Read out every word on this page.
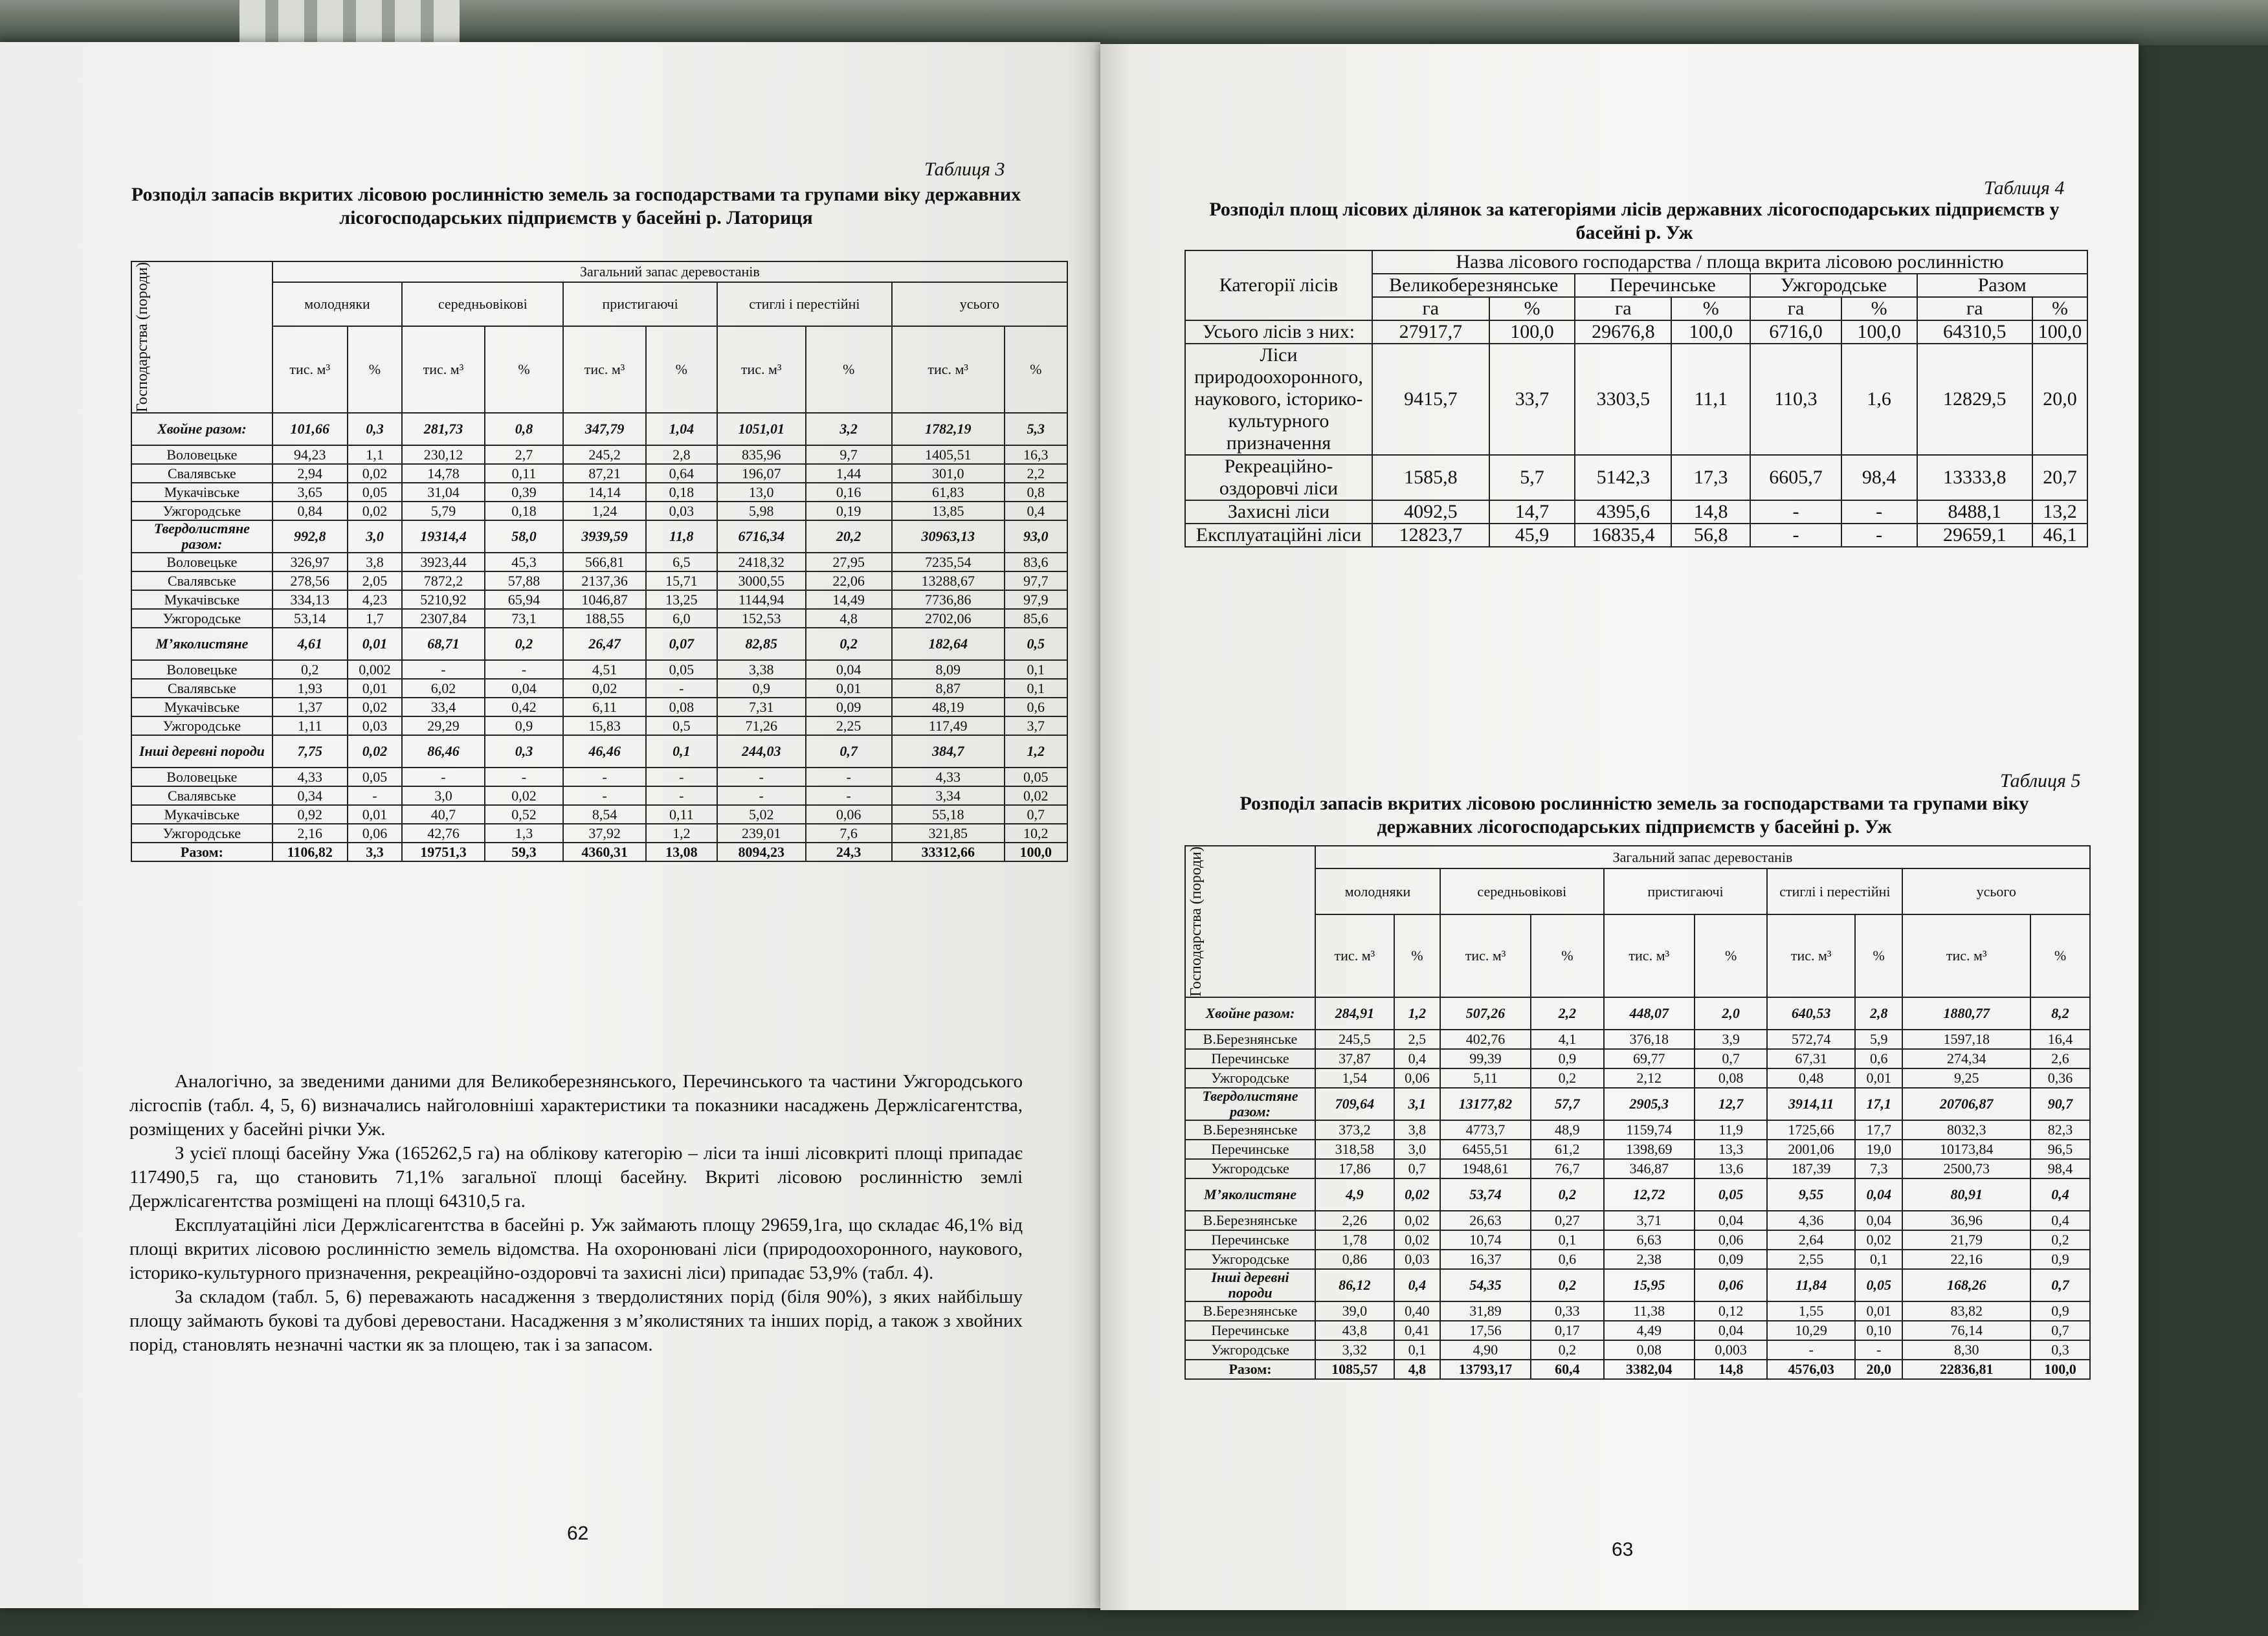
Таблиця 3
Розподіл запасів вкритих лісовою рослинністю земель за господарствами та групами віку державних лісогосподарських підприємств у басейні р. Латориця
Господарства (породи)	Загальний запас деревостанів									
	молодняки		середньовікові		пристигаючі		стиглі і перестійні		усього	
	тис. м³	%	тис. м³	%	тис. м³	%	тис. м³	%	тис. м³	%
Хвойне разом:	101,66	0,3	281,73	0,8	347,79	1,04	1051,01	3,2	1782,19	5,3
Воловецьке	94,23	1,1	230,12	2,7	245,2	2,8	835,96	9,7	1405,51	16,3
Свалявське	2,94	0,02	14,78	0,11	87,21	0,64	196,07	1,44	301,0	2,2
Мукачівське	3,65	0,05	31,04	0,39	14,14	0,18	13,0	0,16	61,83	0,8
Ужгородське	0,84	0,02	5,79	0,18	1,24	0,03	5,98	0,19	13,85	0,4
Твердолистяне разом:	992,8	3,0	19314,4	58,0	3939,59	11,8	6716,34	20,2	30963,13	93,0
Воловецьке	326,97	3,8	3923,44	45,3	566,81	6,5	2418,32	27,95	7235,54	83,6
Свалявське	278,56	2,05	7872,2	57,88	2137,36	15,71	3000,55	22,06	13288,67	97,7
Мукачівське	334,13	4,23	5210,92	65,94	1046,87	13,25	1144,94	14,49	7736,86	97,9
Ужгородське	53,14	1,7	2307,84	73,1	188,55	6,0	152,53	4,8	2702,06	85,6
М’яколистяне	4,61	0,01	68,71	0,2	26,47	0,07	82,85	0,2	182,64	0,5
Воловецьке	0,2	0,002	-	-	4,51	0,05	3,38	0,04	8,09	0,1
Свалявське	1,93	0,01	6,02	0,04	0,02	-	0,9	0,01	8,87	0,1
Мукачівське	1,37	0,02	33,4	0,42	6,11	0,08	7,31	0,09	48,19	0,6
Ужгородське	1,11	0,03	29,29	0,9	15,83	0,5	71,26	2,25	117,49	3,7
Інші деревні породи	7,75	0,02	86,46	0,3	46,46	0,1	244,03	0,7	384,7	1,2
Воловецьке	4,33	0,05	-	-	-	-	-	-	4,33	0,05
Свалявське	0,34	-	3,0	0,02	-	-	-	-	3,34	0,02
Мукачівське	0,92	0,01	40,7	0,52	8,54	0,11	5,02	0,06	55,18	0,7
Ужгородське	2,16	0,06	42,76	1,3	37,92	1,2	239,01	7,6	321,85	10,2
Разом:	1106,82	3,3	19751,3	59,3	4360,31	13,08	8094,23	24,3	33312,66	100,0

Аналогічно, за зведеними даними для Великоберезнянського, Перечинського та частини Ужгородського лісгоспів (табл. 4, 5, 6) визначались найголовніші характеристики та показники насаджень Держлісагентства, розміщених у басейні річки Уж.

З усієї площі басейну Ужа (165262,5 га) на облікову категорію – ліси та інші лісовкриті площі припадає 117490,5 га, що становить 71,1% загальної площі басейну. Вкриті лісовою рослинністю землі Держлісагентства розміщені на площі 64310,5 га.

Експлуатаційні ліси Держлісагентства в басейні р. Уж займають площу 29659,1га, що складає 46,1% від площі вкритих лісовою рослинністю земель відомства. На охоронювані ліси (природоохоронного, наукового, історико-культурного призначення, рекреаційно-оздоровчі та захисні ліси) припадає 53,9% (табл. 4).

За складом (табл. 5, 6) переважають насадження з твердолистяних порід (біля 90%), з яких найбільшу площу займають букові та дубові деревостани. Насадження з м’яколистяних та інших порід, а також з хвойних порід, становлять незначні частки як за площею, так і за запасом.

62
Таблиця 4
Розподіл площ лісових ділянок за категоріями лісів державних лісогосподарських підприємств у басейні р. Уж
Категорії лісів	Назва лісового господарства / площа вкрита лісовою рослинністю							
	Великоберезнянське		Перечинське		Ужгородське		Разом	
	га	%	га	%	га	%	га	%
Усього лісів з них:	27917,7	100,0	29676,8	100,0	6716,0	100,0	64310,5	100,0
Ліси природоохоронного, наукового, історико-культурного призначення	9415,7	33,7	3303,5	11,1	110,3	1,6	12829,5	20,0
Рекреаційно-оздоровчі ліси	1585,8	5,7	5142,3	17,3	6605,7	98,4	13333,8	20,7
Захисні ліси	4092,5	14,7	4395,6	14,8	-	-	8488,1	13,2
Експлуатаційні ліси	12823,7	45,9	16835,4	56,8	-	-	29659,1	46,1
Таблиця 5
Розподіл запасів вкритих лісовою рослинністю земель за господарствами та групами віку державних лісогосподарських підприємств у басейні р. Уж
Господарства (породи)	Загальний запас деревостанів									
	молодняки		середньовікові		пристигаючі		стиглі і перестійні		усього	
	тис. м³	%	тис. м³	%	тис. м³	%	тис. м³	%	тис. м³	%
Хвойне разом:	284,91	1,2	507,26	2,2	448,07	2,0	640,53	2,8	1880,77	8,2
В.Березнянське	245,5	2,5	402,76	4,1	376,18	3,9	572,74	5,9	1597,18	16,4
Перечинське	37,87	0,4	99,39	0,9	69,77	0,7	67,31	0,6	274,34	2,6
Ужгородське	1,54	0,06	5,11	0,2	2,12	0,08	0,48	0,01	9,25	0,36
Твердолистяне разом:	709,64	3,1	13177,82	57,7	2905,3	12,7	3914,11	17,1	20706,87	90,7
В.Березнянське	373,2	3,8	4773,7	48,9	1159,74	11,9	1725,66	17,7	8032,3	82,3
Перечинське	318,58	3,0	6455,51	61,2	1398,69	13,3	2001,06	19,0	10173,84	96,5
Ужгородське	17,86	0,7	1948,61	76,7	346,87	13,6	187,39	7,3	2500,73	98,4
М’яколистяне	4,9	0,02	53,74	0,2	12,72	0,05	9,55	0,04	80,91	0,4
В.Березнянське	2,26	0,02	26,63	0,27	3,71	0,04	4,36	0,04	36,96	0,4
Перечинське	1,78	0,02	10,74	0,1	6,63	0,06	2,64	0,02	21,79	0,2
Ужгородське	0,86	0,03	16,37	0,6	2,38	0,09	2,55	0,1	22,16	0,9
Інші деревні породи	86,12	0,4	54,35	0,2	15,95	0,06	11,84	0,05	168,26	0,7
В.Березнянське	39,0	0,40	31,89	0,33	11,38	0,12	1,55	0,01	83,82	0,9
Перечинське	43,8	0,41	17,56	0,17	4,49	0,04	10,29	0,10	76,14	0,7
Ужгородське	3,32	0,1	4,90	0,2	0,08	0,003	-	-	8,30	0,3
Разом:	1085,57	4,8	13793,17	60,4	3382,04	14,8	4576,03	20,0	22836,81	100,0
63
